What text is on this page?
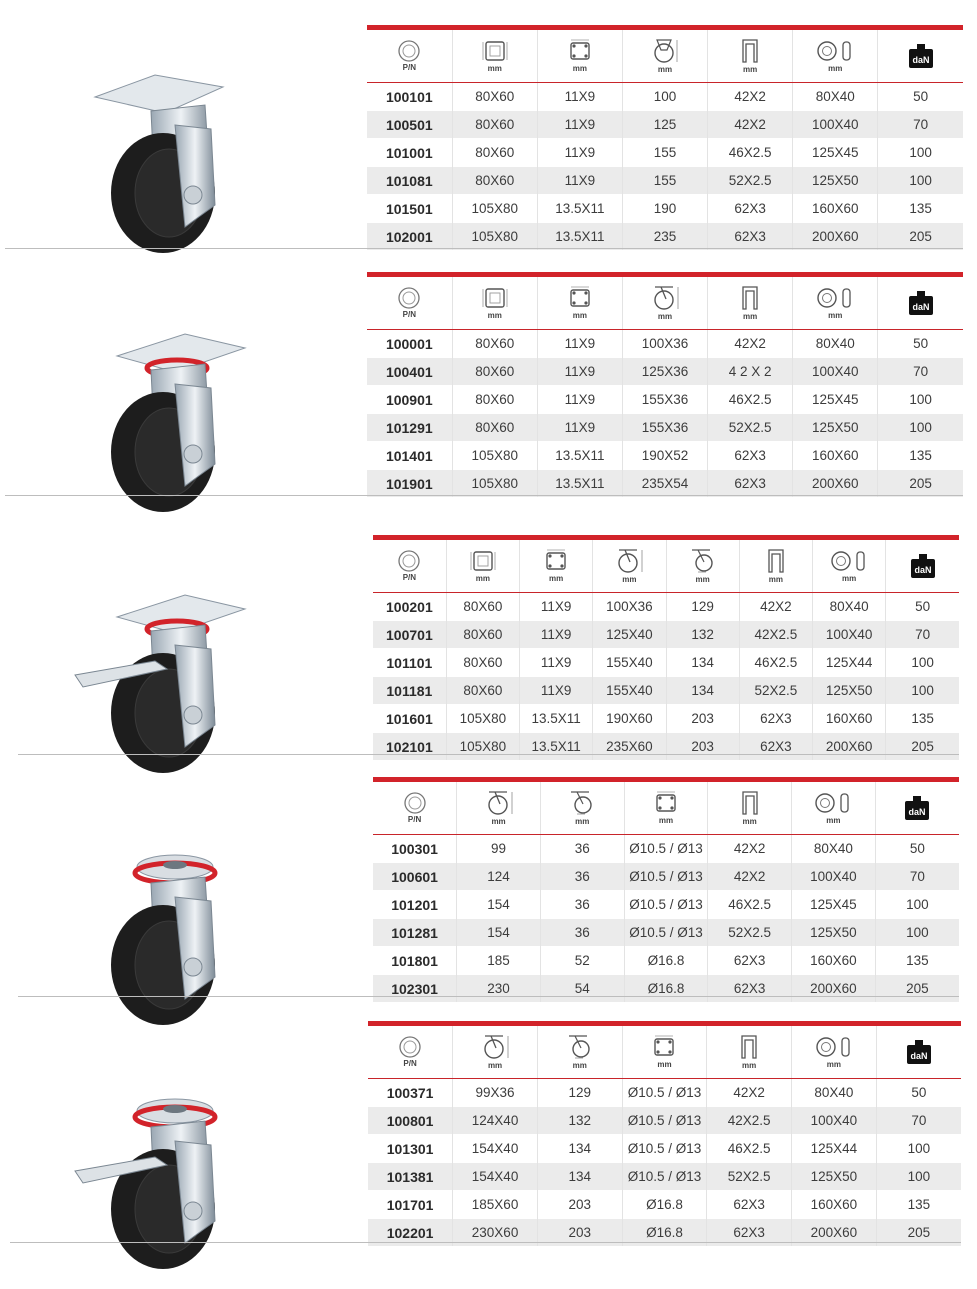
P/N	mm	mm	mm	mm	mm	daN

100101	80X60	11X9	100	42X2	80X40	50
100501	80X60	11X9	125	42X2	100X40	70
101001	80X60	11X9	155	46X2.5	125X45	100
101081	80X60	11X9	155	52X2.5	125X50	100
101501	105X80	13.5X11	190	62X3	160X60	135
102001	105X80	13.5X11	235	62X3	200X60	205
P/N	mm	mm	mm	mm	mm	daN

100001	80X60	11X9	100X36	42X2	80X40	50
100401	80X60	11X9	125X36	4 2 X 2	100X40	70
100901	80X60	11X9	155X36	46X2.5	125X45	100
101291	80X60	11X9	155X36	52X2.5	125X50	100
101401	105X80	13.5X11	190X52	62X3	160X60	135
101901	105X80	13.5X11	235X54	62X3	200X60	205
P/N	mm	mm	mm	mm	mm	mm	daN

100201	80X60	11X9	100X36	129	42X2	80X40	50
100701	80X60	11X9	125X40	132	42X2.5	100X40	70
101101	80X60	11X9	155X40	134	46X2.5	125X44	100
101181	80X60	11X9	155X40	134	52X2.5	125X50	100
101601	105X80	13.5X11	190X60	203	62X3	160X60	135
102101	105X80	13.5X11	235X60	203	62X3	200X60	205
P/N	mm	mm	mm	mm	mm	daN

100301	99	36	Ø10.5 / Ø13	42X2	80X40	50
100601	124	36	Ø10.5 / Ø13	42X2	100X40	70
101201	154	36	Ø10.5 / Ø13	46X2.5	125X45	100
101281	154	36	Ø10.5 / Ø13	52X2.5	125X50	100
101801	185	52	Ø16.8	62X3	160X60	135
102301	230	54	Ø16.8	62X3	200X60	205
P/N	mm	mm	mm	mm	mm	daN

100371	99X36	129	Ø10.5 / Ø13	42X2	80X40	50
100801	124X40	132	Ø10.5 / Ø13	42X2.5	100X40	70
101301	154X40	134	Ø10.5 / Ø13	46X2.5	125X44	100
101381	154X40	134	Ø10.5 / Ø13	52X2.5	125X50	100
101701	185X60	203	Ø16.8	62X3	160X60	135
102201	230X60	203	Ø16.8	62X3	200X60	205
